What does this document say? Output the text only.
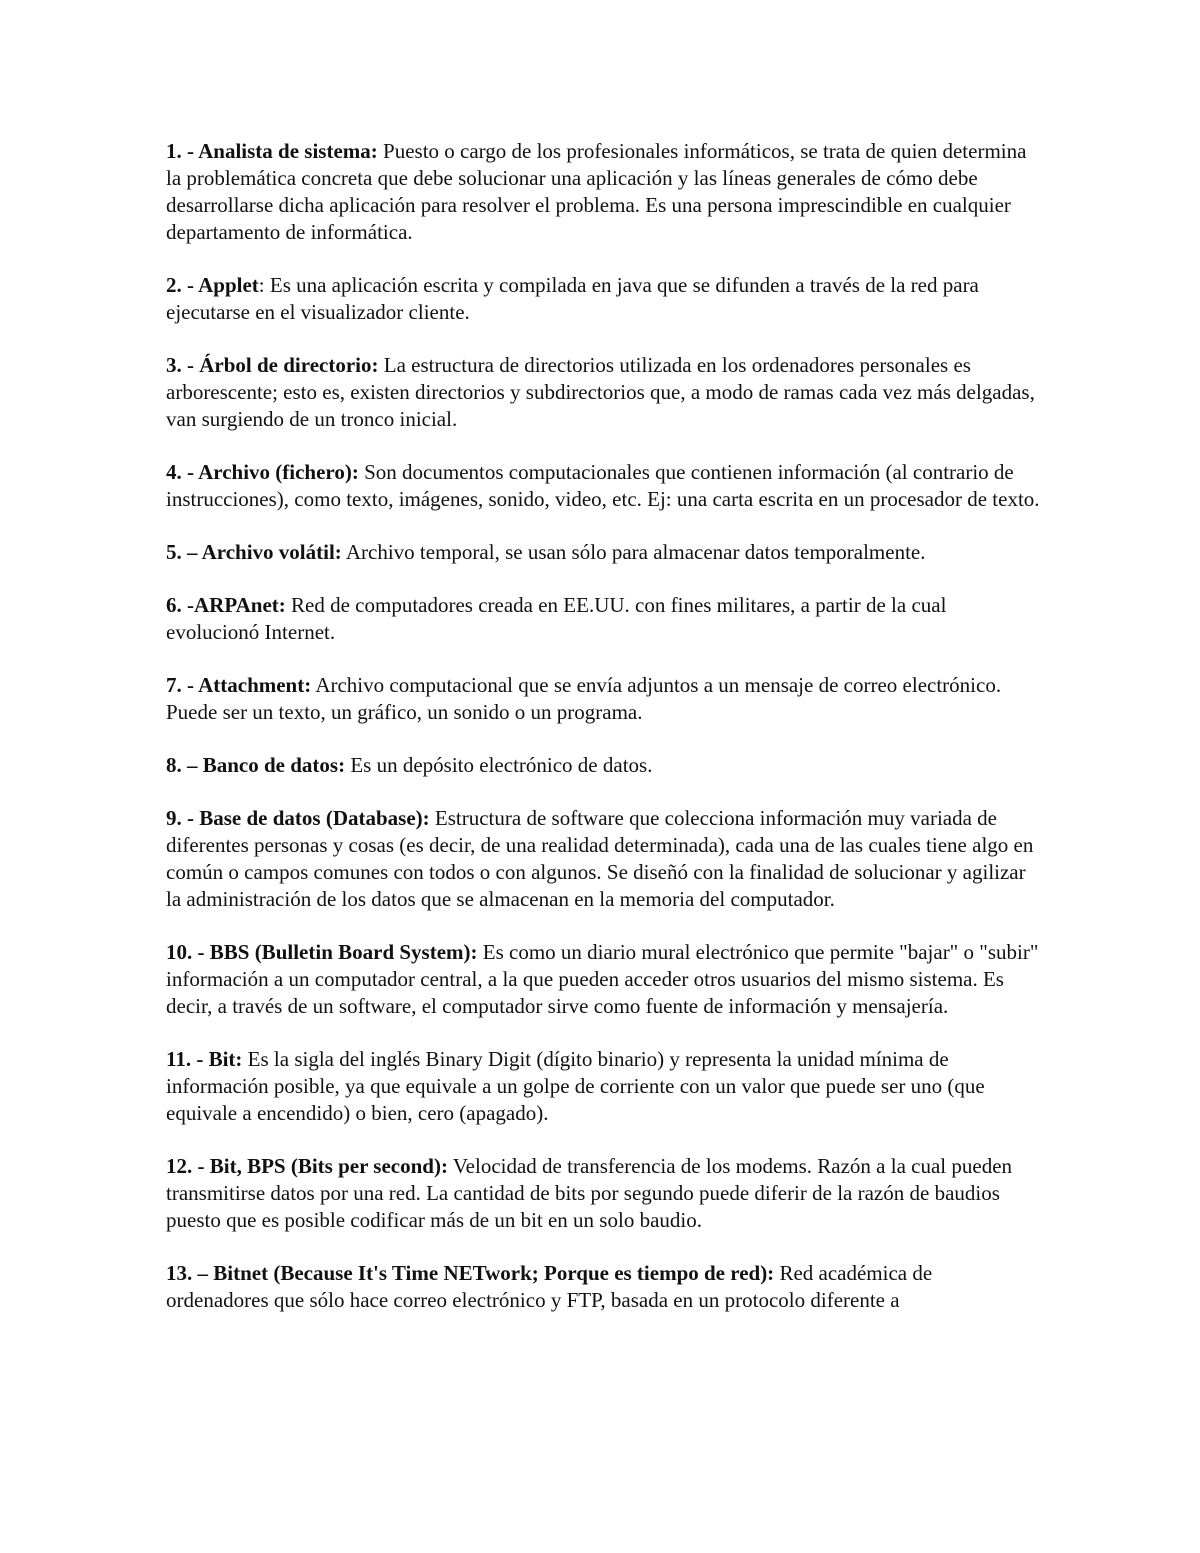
1. - Analista de sistema: Puesto o cargo de los profesionales informáticos, se trata de quien determina la problemática concreta que debe solucionar una aplicación y las líneas generales de cómo debe desarrollarse dicha aplicación para resolver el problema. Es una persona imprescindible en cualquier departamento de informática.
2. - Applet: Es una aplicación escrita y compilada en java que se difunden a través de la red para ejecutarse en el visualizador cliente.
3. - Árbol de directorio: La estructura de directorios utilizada en los ordenadores personales es arborescente; esto es, existen directorios y subdirectorios que, a modo de ramas cada vez más delgadas, van surgiendo de un tronco inicial.
4. - Archivo (fichero): Son documentos computacionales que contienen información (al contrario de instrucciones), como texto, imágenes, sonido, video, etc. Ej: una carta escrita en un procesador de texto.
5. – Archivo volátil: Archivo temporal, se usan sólo para almacenar datos temporalmente.
6. -ARPAnet: Red de computadores creada en EE.UU. con fines militares, a partir de la cual evolucionó Internet.
7. - Attachment: Archivo computacional que se envía adjuntos a un mensaje de correo electrónico. Puede ser un texto, un gráfico, un sonido o un programa.
8. – Banco de datos: Es un depósito electrónico de datos.
9. - Base de datos (Database): Estructura de software que colecciona información muy variada de diferentes personas y cosas (es decir, de una realidad determinada), cada una de las cuales tiene algo en común o campos comunes con todos o con algunos. Se diseñó con la finalidad de solucionar y agilizar la administración de los datos que se almacenan en la memoria del computador.
10. - BBS (Bulletin Board System): Es como un diario mural electrónico que permite "bajar" o "subir" información a un computador central, a la que pueden acceder otros usuarios del mismo sistema. Es decir, a través de un software, el computador sirve como fuente de información y mensajería.
11. - Bit: Es la sigla del inglés Binary Digit (dígito binario) y representa la unidad mínima de información posible, ya que equivale a un golpe de corriente con un valor que puede ser uno (que equivale a encendido) o bien, cero (apagado).
12. - Bit, BPS (Bits per second): Velocidad de transferencia de los modems. Razón a la cual pueden transmitirse datos por una red. La cantidad de bits por segundo puede diferir de la razón de baudios puesto que es posible codificar más de un bit en un solo baudio.
13. – Bitnet (Because It's Time NETwork; Porque es tiempo de red): Red académica de ordenadores que sólo hace correo electrónico y FTP, basada en un protocolo diferente a
